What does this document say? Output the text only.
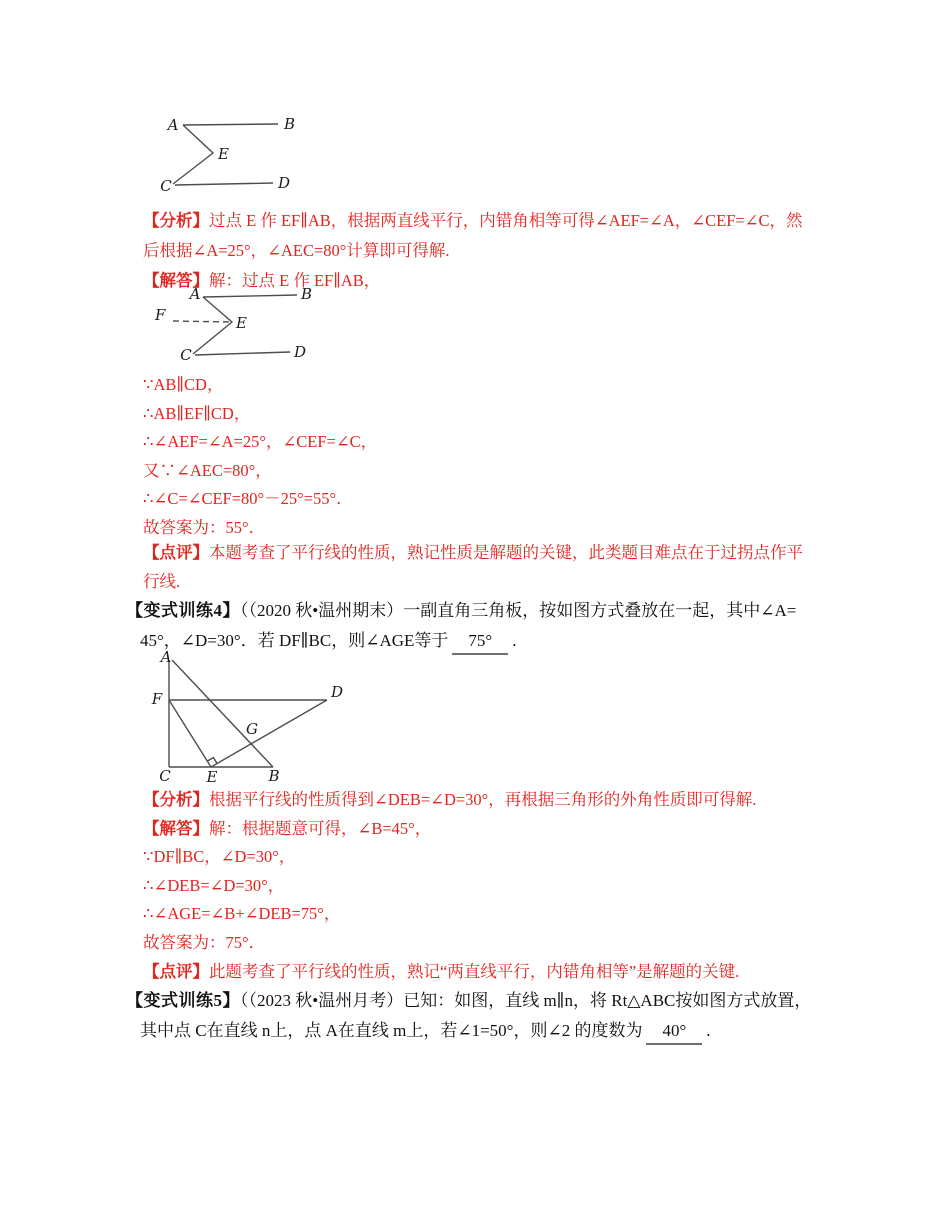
A	B
E
C	D
【分析】过点 E 作 EF∥AB，根据两直线平行，内错角相等可得∠AEF=∠A，∠CEF=∠C，然
后根据∠A=25°，∠AEC=80°计算即可得解.
【解答】解：过点 E 作 EF∥AB，
A	B
F	E
C	D
∵AB∥CD，
∴AB∥EF∥CD，
∴∠AEF=∠A=25°，∠CEF=∠C，
又∵∠AEC=80°，
∴∠C=∠CEF=80°－25°=55°．
故答案为：55°．
【点评】本题考查了平行线的性质，熟记性质是解题的关键，此类题目难点在于过拐点作平
行线.
【变式训练4】（（2020 秋•温州期末）一副直角三角板，按如图方式叠放在一起，其中∠A=
45°，∠D=30°．若 DF∥BC，则∠AGE等于 75° .
A
F	D
G
C E	B
【分析】根据平行线的性质得到∠DEB=∠D=30°，再根据三角形的外角性质即可得解.
【解答】解：根据题意可得，∠B=45°，
∵DF∥BC，∠D=30°，
∴∠DEB=∠D=30°，
∴∠AGE=∠B+∠DEB=75°，
故答案为：75°．
【点评】此题考查了平行线的性质，熟记“两直线平行，内错角相等”是解题的关键.
【变式训练5】（（2023 秋•温州月考）已知：如图，直线 m∥n，将 Rt△ABC按如图方式放置，
其中点 C在直线 n上，点 A在直线 m上，若∠1=50°，则∠2 的度数为 40° .
